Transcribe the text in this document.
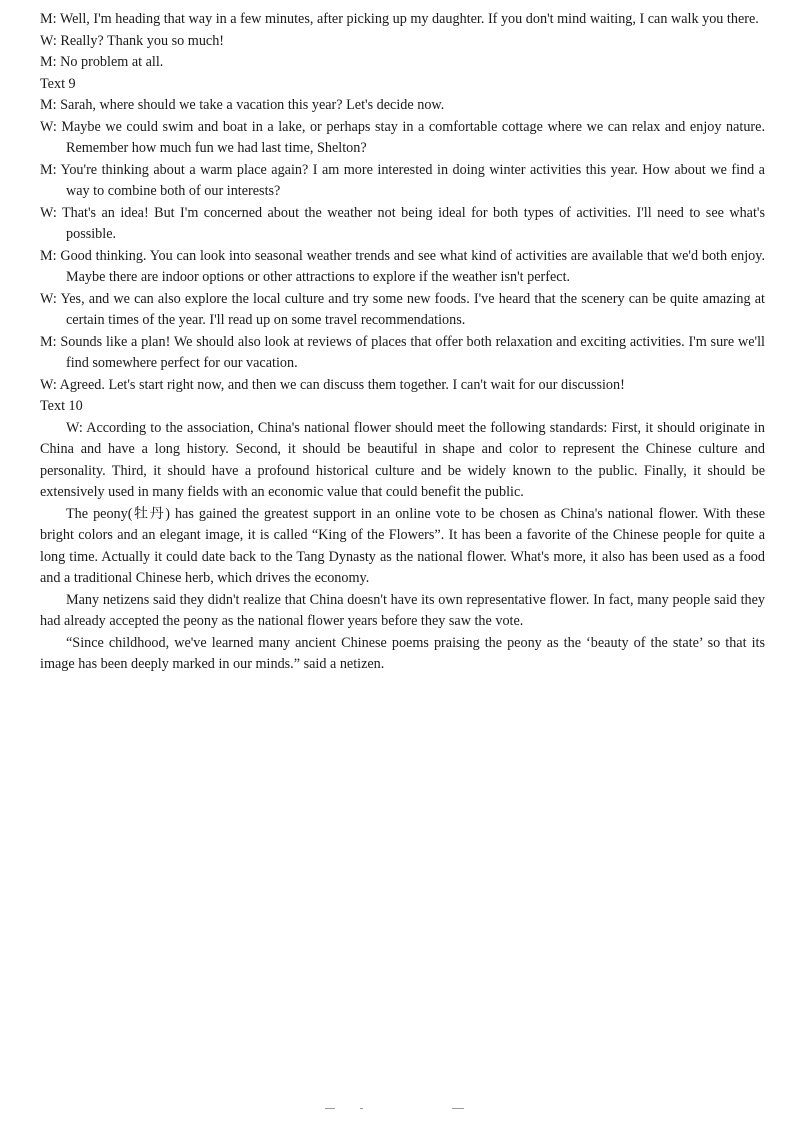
M: Well, I'm heading that way in a few minutes, after picking up my daughter. If you don't mind waiting, I can walk you there.
W: Really? Thank you so much!
M: No problem at all.
Text 9
M: Sarah, where should we take a vacation this year? Let's decide now.
W: Maybe we could swim and boat in a lake, or perhaps stay in a comfortable cottage where we can relax and enjoy nature. Remember how much fun we had last time, Shelton?
M: You're thinking about a warm place again? I am more interested in doing winter activities this year. How about we find a way to combine both of our interests?
W: That's an idea! But I'm concerned about the weather not being ideal for both types of activities. I'll need to see what's possible.
M: Good thinking. You can look into seasonal weather trends and see what kind of activities are available that we'd both enjoy. Maybe there are indoor options or other attractions to explore if the weather isn't perfect.
W: Yes, and we can also explore the local culture and try some new foods. I've heard that the scenery can be quite amazing at certain times of the year. I'll read up on some travel recommendations.
M: Sounds like a plan! We should also look at reviews of places that offer both relaxation and exciting activities. I'm sure we'll find somewhere perfect for our vacation.
W: Agreed. Let's start right now, and then we can discuss them together. I can't wait for our discussion!
Text 10

W: According to the association, China's national flower should meet the following standards: First, it should originate in China and have a long history. Second, it should be beautiful in shape and color to represent the Chinese culture and personality. Third, it should have a profound historical culture and be widely known to the public. Finally, it should be extensively used in many fields with an economic value that could benefit the public.

The peony(牡丹) has gained the greatest support in an online vote to be chosen as China's national flower. With these bright colors and an elegant image, it is called “King of the Flowers”. It has been a favorite of the Chinese people for quite a long time. Actually it could date back to the Tang Dynasty as the national flower. What's more, it also has been used as a food and a traditional Chinese herb, which drives the economy.

Many netizens said they didn't realize that China doesn't have its own representative flower. In fact, many people said they had already accepted the peony as the national flower years before they saw the vote.

“Since childhood, we've learned many ancient Chinese poems praising the peony as the ‘beauty of the state’ so that its image has been deeply marked in our minds.” said a netizen.
